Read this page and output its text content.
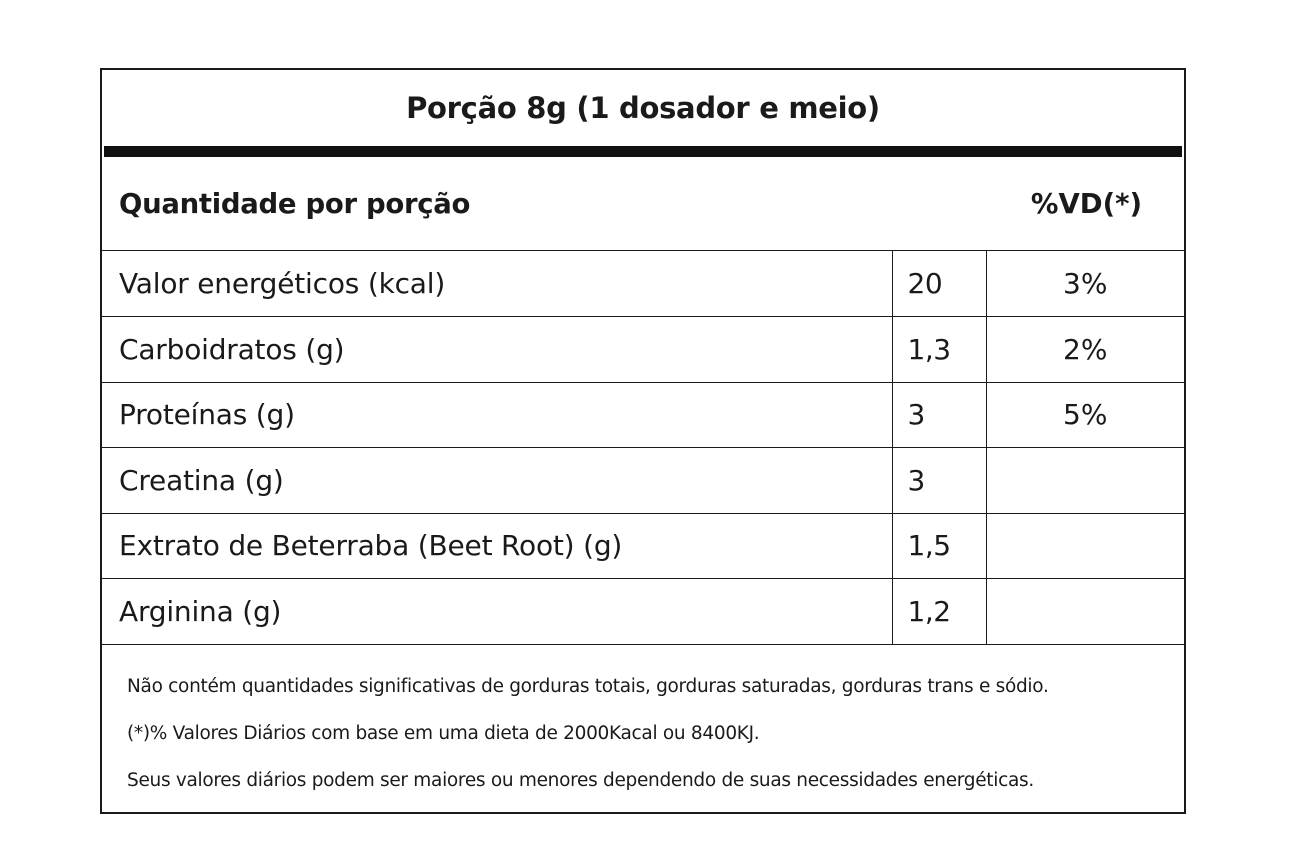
Porção 8g (1 dosador e meio)
Quantidade por porção	%VD(*)
Valor energéticos (kcal)	20	3%
Carboidratos (g)	1,3	2%
Proteínas (g)	3	5%
Creatina (g)	3	
Extrato de Beterraba (Beet Root) (g)	1,5	
Arginina (g)	1,2	
Não contém quantidades significativas de gorduras totais, gorduras saturadas, gorduras trans e sódio.
(*)% Valores Diários com base em uma dieta de 2000Kacal ou 8400KJ.
Seus valores diários podem ser maiores ou menores dependendo de suas necessidades energéticas.
